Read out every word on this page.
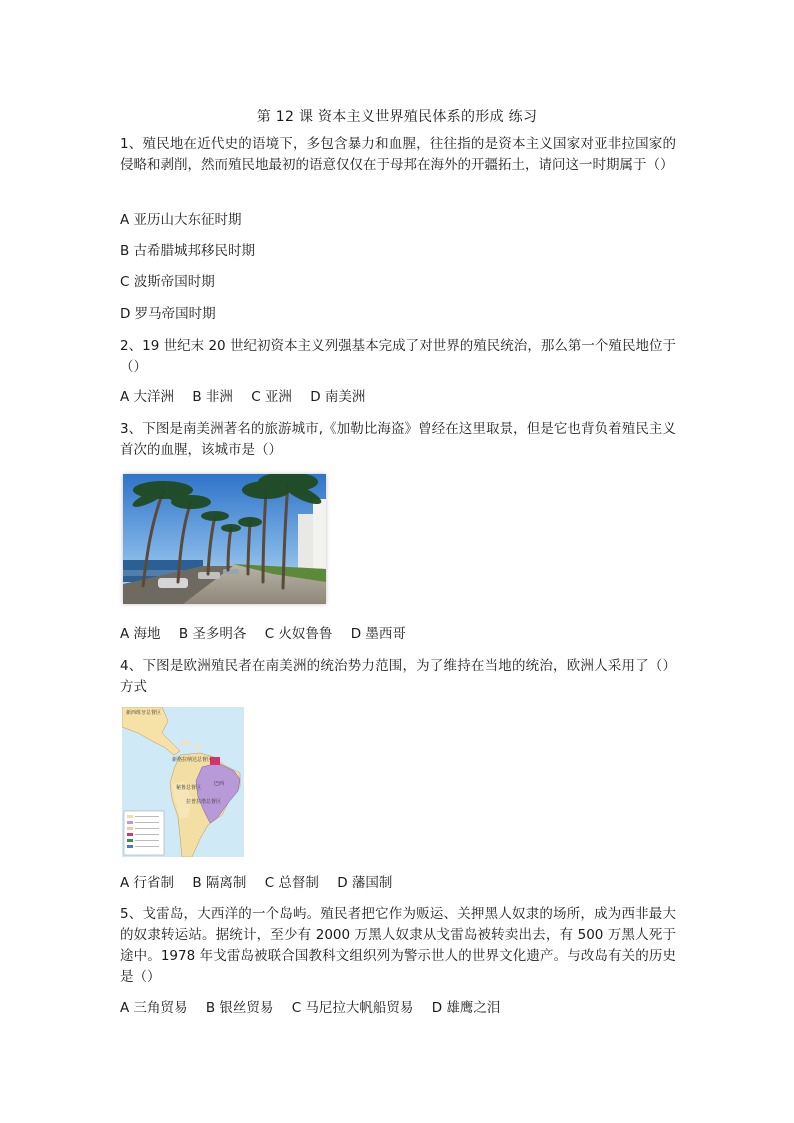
第 12 课 资本主义世界殖民体系的形成 练习
1、殖民地在近代史的语境下，多包含暴力和血腥，往往指的是资本主义国家对亚非拉国家的侵略和剥削，然而殖民地最初的语意仅仅在于母邦在海外的开疆拓土，请问这一时期属于（）
A 亚历山大东征时期
B 古希腊城邦移民时期
C 波斯帝国时期
D 罗马帝国时期
2、19 世纪末 20 世纪初资本主义列强基本完成了对世界的殖民统治，那么第一个殖民地位于（）
A 大洋洲 B 非洲 C 亚洲 D 南美洲
3、下图是南美洲著名的旅游城市,《加勒比海盗》曾经在这里取景，但是它也背负着殖民主义首次的血腥，该城市是（）
A 海地 B 圣多明各 C 火奴鲁鲁 D 墨西哥
4、下图是欧洲殖民者在南美洲的统治势力范围，为了维持在当地的统治，欧洲人采用了（）方式
新西班牙总督区
新格拉纳达总督区
秘鲁总督区
拉普拉塔总督区
巴西
A 行省制 B 隔离制 C 总督制 D 藩国制
5、戈雷岛，大西洋的一个岛屿。殖民者把它作为贩运、关押黑人奴隶的场所，成为西非最大的奴隶转运站。据统计，至少有 2000 万黑人奴隶从戈雷岛被转卖出去，有 500 万黑人死于途中。1978 年戈雷岛被联合国教科文组织列为警示世人的世界文化遗产。与改岛有关的历史是（）
A 三角贸易 B 银丝贸易 C 马尼拉大帆船贸易 D 雄鹰之泪
